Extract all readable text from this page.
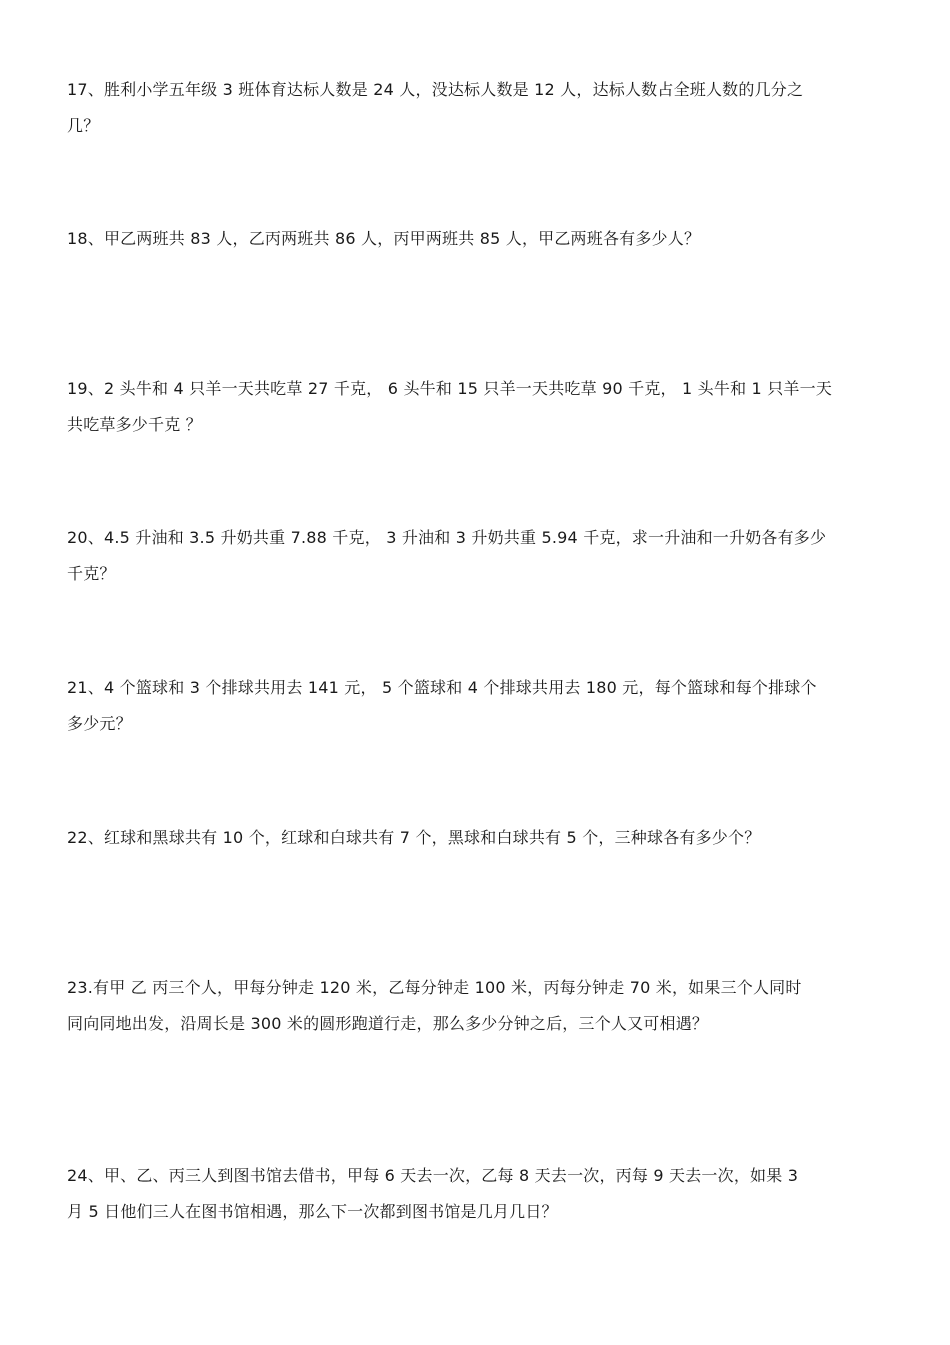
17、胜利小学五年级 3 班体育达标人数是 24 人，没达标人数是 12 人，达标人数占全班人数的几分之

几？

18、甲乙两班共 83 人，乙丙两班共 86 人，丙甲两班共 85 人，甲乙两班各有多少人？

19、2 头牛和 4 只羊一天共吃草 27 千克， 6 头牛和 15 只羊一天共吃草 90 千克， 1 头牛和 1 只羊一天

共吃草多少千克 ？

20、4.5 升油和 3.5 升奶共重 7.88 千克， 3 升油和 3 升奶共重 5.94 千克，求一升油和一升奶各有多少

千克？

21、4 个篮球和 3 个排球共用去 141 元， 5 个篮球和 4 个排球共用去 180 元，每个篮球和每个排球个

多少元？

22、红球和黑球共有 10 个，红球和白球共有 7 个，黑球和白球共有 5 个，三种球各有多少个？

23.有甲 乙 丙三个人，甲每分钟走 120 米，乙每分钟走 100 米，丙每分钟走 70 米，如果三个人同时

同向同地出发，沿周长是 300 米的圆形跑道行走，那么多少分钟之后，三个人又可相遇？

24、甲、乙、丙三人到图书馆去借书，甲每 6 天去一次，乙每 8 天去一次，丙每 9 天去一次，如果 3

月 5 日他们三人在图书馆相遇，那么下一次都到图书馆是几月几日？
